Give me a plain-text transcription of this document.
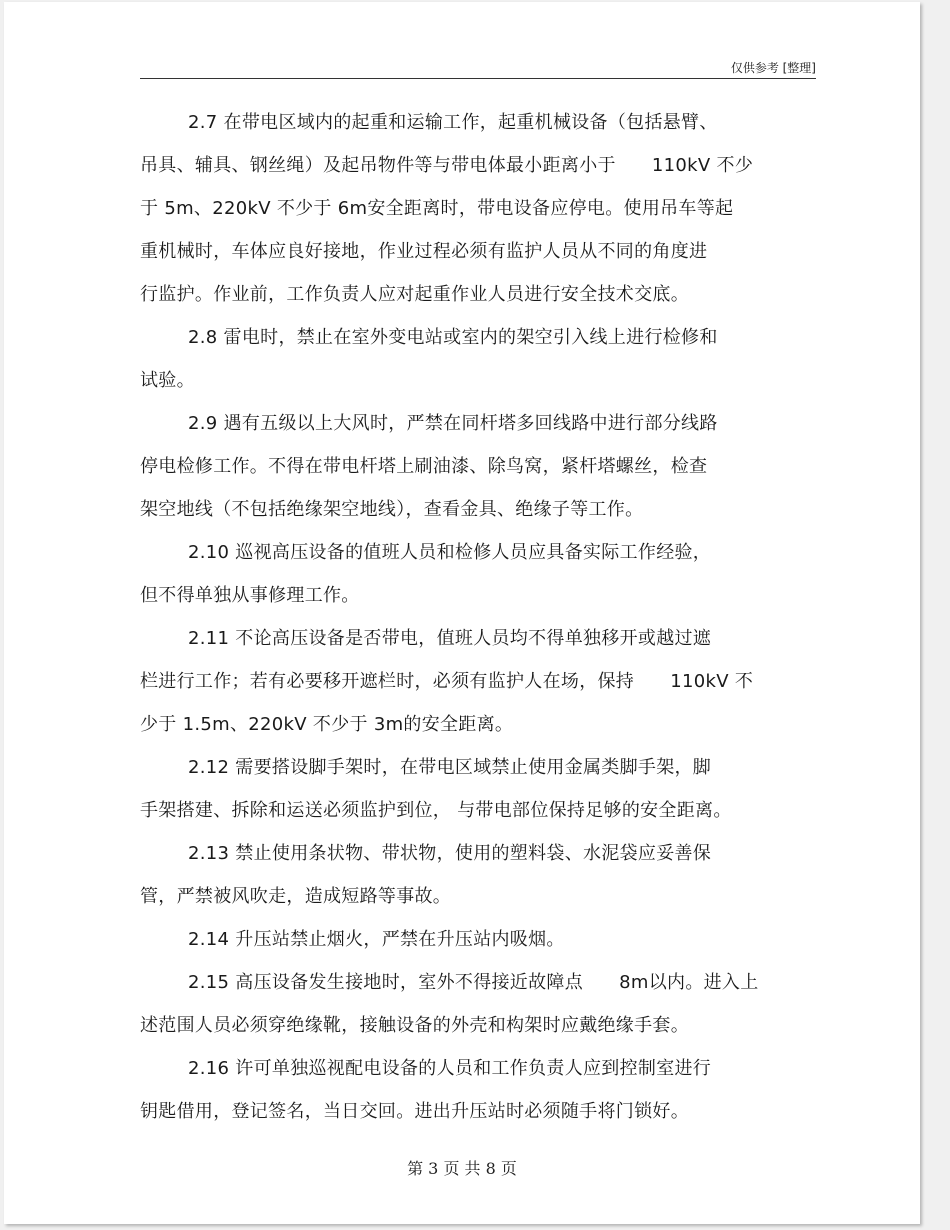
仅供参考 [整理]
2.7 在带电区域内的起重和运输工作，起重机械设备（包括悬臂、
吊具、辅具、钢丝绳）及起吊物件等与带电体最小距离小于      110kV 不少
于 5m、220kV 不少于 6m安全距离时，带电设备应停电。使用吊车等起
重机械时，车体应良好接地，作业过程必须有监护人员从不同的角度进
行监护。作业前，工作负责人应对起重作业人员进行安全技术交底。
2.8 雷电时，禁止在室外变电站或室内的架空引入线上进行检修和
试验。
2.9 遇有五级以上大风时，严禁在同杆塔多回线路中进行部分线路
停电检修工作。不得在带电杆塔上刷油漆、除鸟窝，紧杆塔螺丝，检查
架空地线（不包括绝缘架空地线），查看金具、绝缘子等工作。
2.10 巡视高压设备的值班人员和检修人员应具备实际工作经验，
但不得单独从事修理工作。
2.11 不论高压设备是否带电，值班人员均不得单独移开或越过遮
栏进行工作；若有必要移开遮栏时，必须有监护人在场，保持      110kV 不
少于 1.5m、220kV 不少于 3m的安全距离。
2.12 需要搭设脚手架时，在带电区域禁止使用金属类脚手架，脚
手架搭建、拆除和运送必须监护到位， 与带电部位保持足够的安全距离。
2.13 禁止使用条状物、带状物，使用的塑料袋、水泥袋应妥善保
管，严禁被风吹走，造成短路等事故。
2.14 升压站禁止烟火，严禁在升压站内吸烟。
2.15 高压设备发生接地时，室外不得接近故障点      8m以内。进入上
述范围人员必须穿绝缘靴，接触设备的外壳和构架时应戴绝缘手套。
2.16 许可单独巡视配电设备的人员和工作负责人应到控制室进行
钥匙借用，登记签名，当日交回。进出升压站时必须随手将门锁好。
第 3 页 共 8 页
